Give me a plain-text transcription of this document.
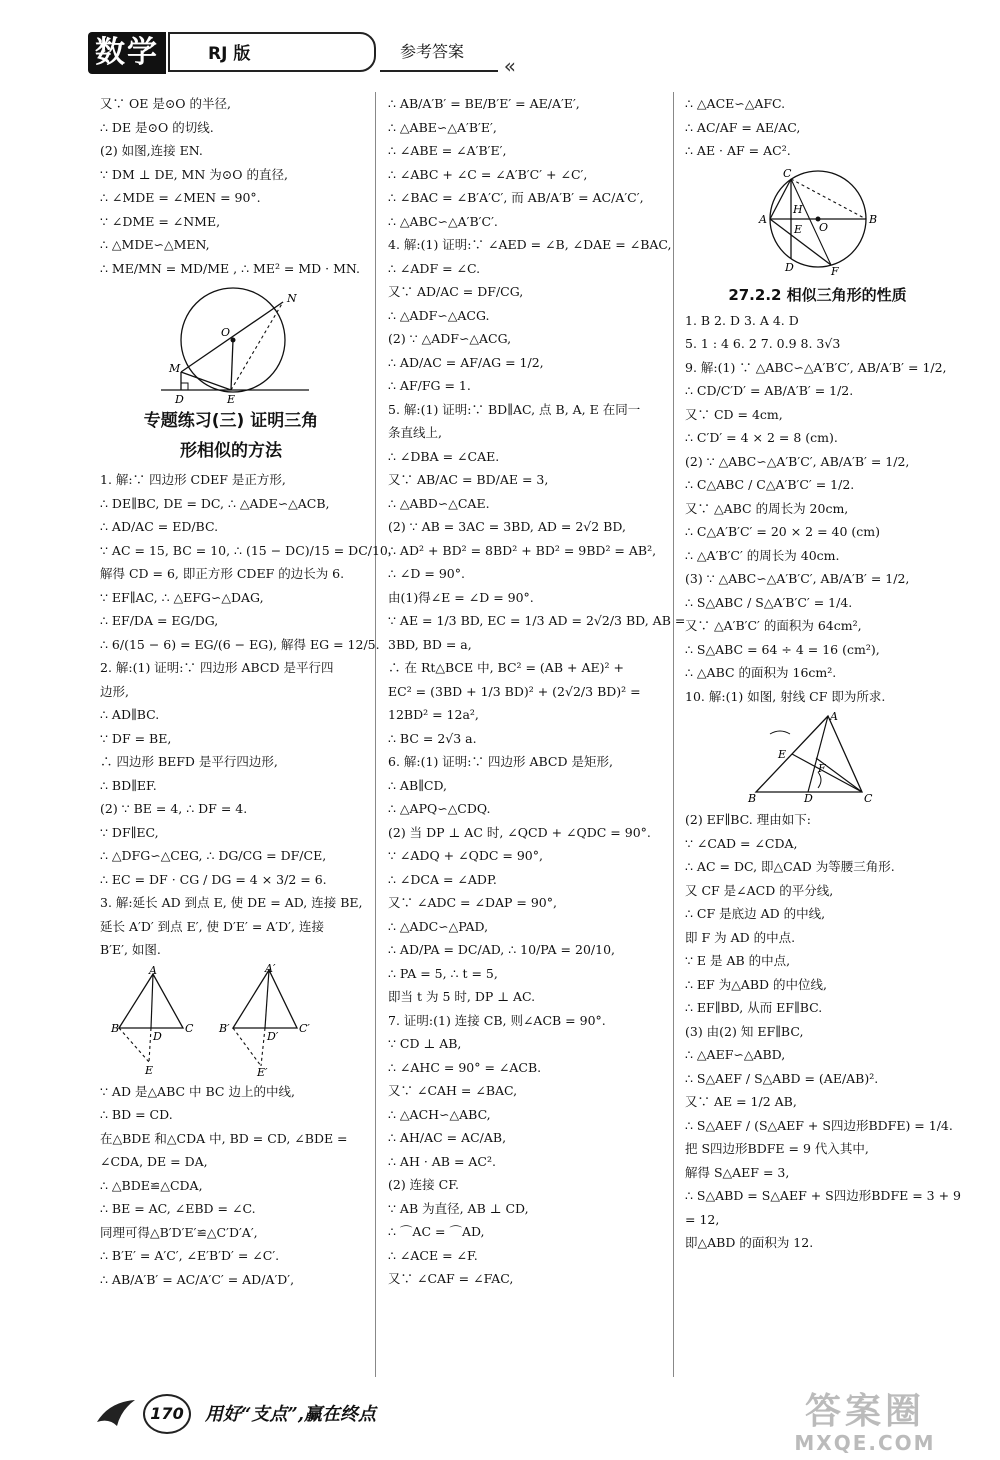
数学	RJ 版	参考答案
«
又∵ OE 是⊙O 的半径,
∴ DE 是⊙O 的切线.
(2) 如图,连接 EN.
∵ DM ⊥ DE, MN 为⊙O 的直径,
∴ ∠MDE = ∠MEN = 90°.
∵ ∠DME = ∠NME,
∴ △MDE∽△MEN,
∴ ME/MN = MD/ME , ∴ ME² = MD · MN.
N
O
M
D	E
专题练习(三) 证明三角
形相似的方法
1. 解:∵ 四边形 CDEF 是正方形,
∴ DE∥BC, DE = DC, ∴ △ADE∽△ACB,
∴ AD/AC = ED/BC.
∵ AC = 15, BC = 10, ∴ (15 − DC)/15 = DC/10,
解得 CD = 6, 即正方形 CDEF 的边长为 6.
∵ EF∥AC, ∴ △EFG∽△DAG,
∴ EF/DA = EG/DG,
∴ 6/(15 − 6) = EG/(6 − EG), 解得 EG = 12/5.
2. 解:(1) 证明:∵ 四边形 ABCD 是平行四
边形,
∴ AD∥BC.
∵ DF = BE,
∴ 四边形 BEFD 是平行四边形,
∴ BD∥EF.
(2) ∵ BE = 4, ∴ DF = 4.
∵ DF∥EC,
∴ △DFG∽△CEG, ∴ DG/CG = DF/CE,
∴ EC = DF · CG / DG = 4 × 3/2 = 6.
3. 解:延长 AD 到点 E, 使 DE = AD, 连接 BE,
延长 A′D′ 到点 E′, 使 D′E′ = A′D′, 连接
B′E′, 如图.
A
B
D
C
E
A′
B′
D′
C′
E′
∵ AD 是△ABC 中 BC 边上的中线,
∴ BD = CD.
在△BDE 和△CDA 中, BD = CD, ∠BDE =
∠CDA, DE = DA,
∴ △BDE≌△CDA,
∴ BE = AC, ∠EBD = ∠C.
同理可得△B′D′E′≌△C′D′A′,
∴ B′E′ = A′C′, ∠E′B′D′ = ∠C′.
∴ AB/A′B′ = AC/A′C′ = AD/A′D′,
∴ AB/A′B′ = BE/B′E′ = AE/A′E′,
∴ △ABE∽△A′B′E′,
∴ ∠ABE = ∠A′B′E′,
∴ ∠ABC + ∠C = ∠A′B′C′ + ∠C′,
∴ ∠BAC = ∠B′A′C′, 而 AB/A′B′ = AC/A′C′,
∴ △ABC∽△A′B′C′.
4. 解:(1) 证明:∵ ∠AED = ∠B, ∠DAE = ∠BAC,
∴ ∠ADF = ∠C.
又∵ AD/AC = DF/CG,
∴ △ADF∽△ACG.
(2) ∵ △ADF∽△ACG,
∴ AD/AC = AF/AG = 1/2,
∴ AF/FG = 1.
5. 解:(1) 证明:∵ BD∥AC, 点 B, A, E 在同一
条直线上,
∴ ∠DBA = ∠CAE.
又∵ AB/AC = BD/AE = 3,
∴ △ABD∽△CAE.
(2) ∵ AB = 3AC = 3BD, AD = 2√2 BD,
∴ AD² + BD² = 8BD² + BD² = 9BD² = AB²,
∴ ∠D = 90°.
由(1)得∠E = ∠D = 90°.
∵ AE = 1/3 BD, EC = 1/3 AD = 2√2/3 BD, AB =
3BD, BD = a,
∴ 在 Rt△BCE 中, BC² = (AB + AE)² +
EC² = (3BD + 1/3 BD)² + (2√2/3 BD)² =
12BD² = 12a²,
∴ BC = 2√3 a.
6. 解:(1) 证明:∵ 四边形 ABCD 是矩形,
∴ AB∥CD,
∴ △APQ∽△CDQ.
(2) 当 DP ⊥ AC 时, ∠QCD + ∠QDC = 90°.
∵ ∠ADQ + ∠QDC = 90°,
∴ ∠DCA = ∠ADP.
又∵ ∠ADC = ∠DAP = 90°,
∴ △ADC∽△PAD,
∴ AD/PA = DC/AD, ∴ 10/PA = 20/10,
∴ PA = 5, ∴ t = 5,
即当 t 为 5 时, DP ⊥ AC.
7. 证明:(1) 连接 CB, 则∠ACB = 90°.
∵ CD ⊥ AB,
∴ ∠AHC = 90° = ∠ACB.
又∵ ∠CAH = ∠BAC,
∴ △ACH∽△ABC,
∴ AH/AC = AC/AB,
∴ AH · AB = AC².
(2) 连接 CF.
∵ AB 为直径, AB ⊥ CD,
∴ ⌒AC = ⌒AD,
∴ ∠ACE = ∠F.
又∵ ∠CAF = ∠FAC,
∴ △ACE∽△AFC.
∴ AC/AF = AE/AC,
∴ AE · AF = AC².
C
H
A
E O
B
D	F
27.2.2 相似三角形的性质
1. B 2. D 3. A 4. D
5. 1 : 4 6. 2 7. 0.9 8. 3√3
9. 解:(1) ∵ △ABC∽△A′B′C′, AB/A′B′ = 1/2,
∴ CD/C′D′ = AB/A′B′ = 1/2.
又∵ CD = 4cm,
∴ C′D′ = 4 × 2 = 8 (cm).
(2) ∵ △ABC∽△A′B′C′, AB/A′B′ = 1/2,
∴ C△ABC / C△A′B′C′ = 1/2.
又∵ △ABC 的周长为 20cm,
∴ C△A′B′C′ = 20 × 2 = 40 (cm)
∴ △A′B′C′ 的周长为 40cm.
(3) ∵ △ABC∽△A′B′C′, AB/A′B′ = 1/2,
∴ S△ABC / S△A′B′C′ = 1/4.
又∵ △A′B′C′ 的面积为 64cm²,
∴ S△ABC = 64 ÷ 4 = 16 (cm²),
∴ △ABC 的面积为 16cm².
10. 解:(1) 如图, 射线 CF 即为所求.
A
E
F
B	D	C
(2) EF∥BC. 理由如下:
∵ ∠CAD = ∠CDA,
∴ AC = DC, 即△CAD 为等腰三角形.
又 CF 是∠ACD 的平分线,
∴ CF 是底边 AD 的中线,
即 F 为 AD 的中点.
∵ E 是 AB 的中点,
∴ EF 为△ABD 的中位线,
∴ EF∥BD, 从而 EF∥BC.
(3) 由(2) 知 EF∥BC,
∴ △AEF∽△ABD,
∴ S△AEF / S△ABD = (AE/AB)².
又∵ AE = 1/2 AB,
∴ S△AEF / (S△AEF + S四边形BDFE) = 1/4.
把 S四边形BDFE = 9 代入其中,
解得 S△AEF = 3,
∴ S△ABD = S△AEF + S四边形BDFE = 3 + 9
= 12,
即△ABD 的面积为 12.
170	用好“支点”,赢在终点	答案圈
MXQE.COM
